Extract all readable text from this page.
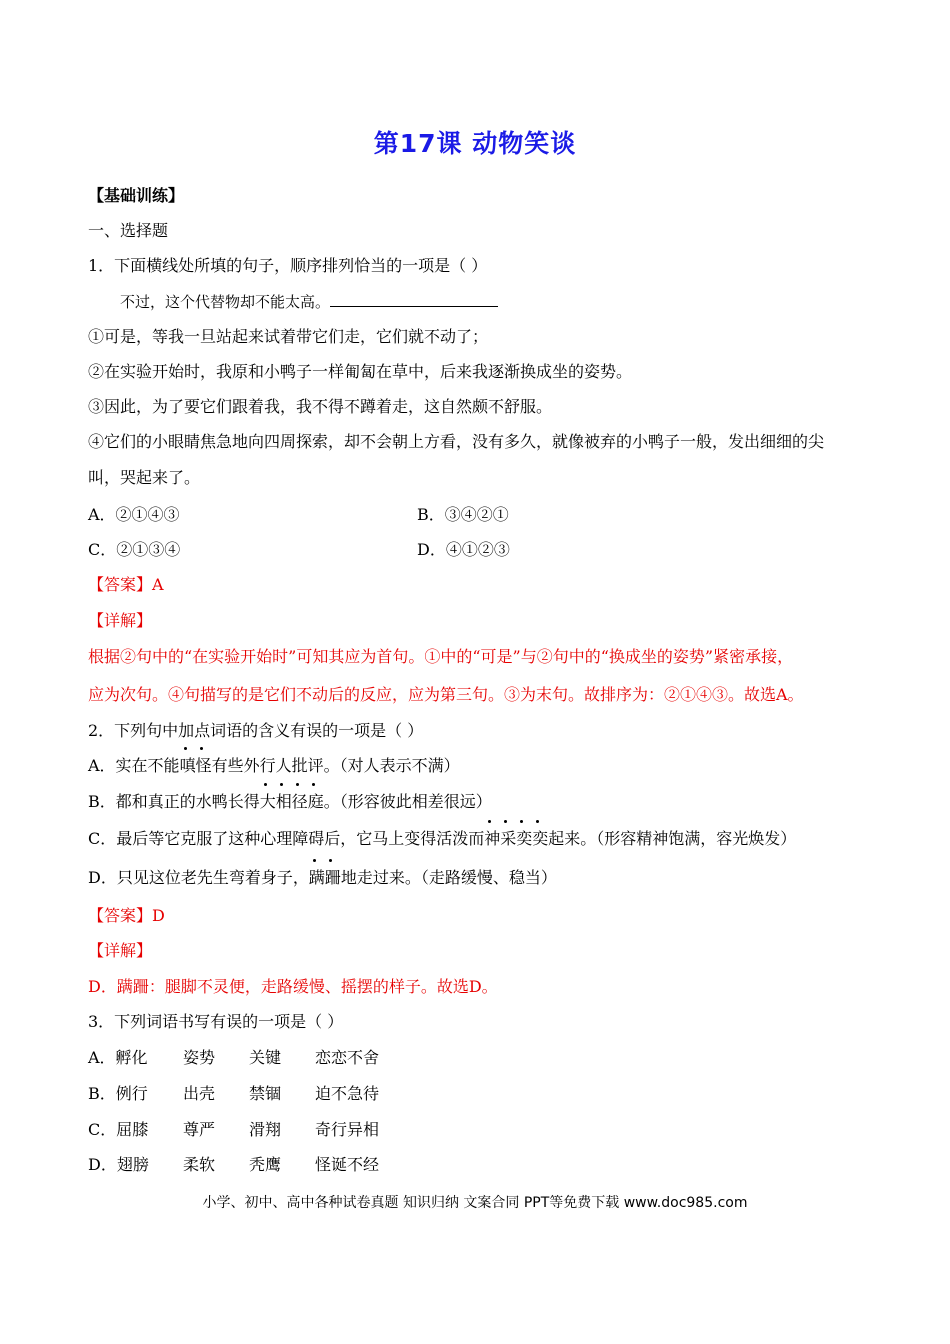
第17课 动物笑谈
【基础训练】
一、选择题
1．下面横线处所填的句子，顺序排列恰当的一项是（ ）
不过，这个代替物却不能太高。
①可是，等我一旦站起来试着带它们走，它们就不动了；
②在实验开始时，我原和小鸭子一样匍匐在草中，后来我逐渐换成坐的姿势。
③因此，为了要它们跟着我，我不得不蹲着走，这自然颇不舒服。
④它们的小眼睛焦急地向四周探索，却不会朝上方看，没有多久，就像被弃的小鸭子一般，发出细细的尖
叫，哭起来了。
A．②①④③	B．③④②①
C．②①③④	D．④①②③
【答案】A
【详解】
根据②句中的“在实验开始时”可知其应为首句。①中的“可是”与②句中的“换成坐的姿势”紧密承接，
应为次句。④句描写的是它们不动后的反应，应为第三句。③为末句。故排序为：②①④③。故选A。
2．下列句中加点词语的含义有误的一项是（ ）
A．实在不能
嗔怪有些外行人批评。（对人表示不满）
B．都和真正的水鸭长得
大相径庭。（形容彼此相差很远）
C．最后等它克服了这种心理障碍后，它马上变得活泼而
神采奕奕起来。（形容精神饱满，容光焕发）
D．只见这位老先生弯着身子，
蹒跚地走过来。（走路缓慢、稳当）
【答案】D
【详解】
D．蹒跚：腿脚不灵便，走路缓慢、摇摆的样子。故选D。
3．下列词语书写有误的一项是（ ）
A．孵化 姿势 关键 恋恋不舍
B．例行 出壳 禁锢 迫不急待
C．屈膝 尊严 滑翔 奇行异相
D．翅膀 柔软 秃鹰 怪诞不经
小学、初中、高中各种试卷真题 知识归纳 文案合同 PPT等免费下载 www.doc985.com
